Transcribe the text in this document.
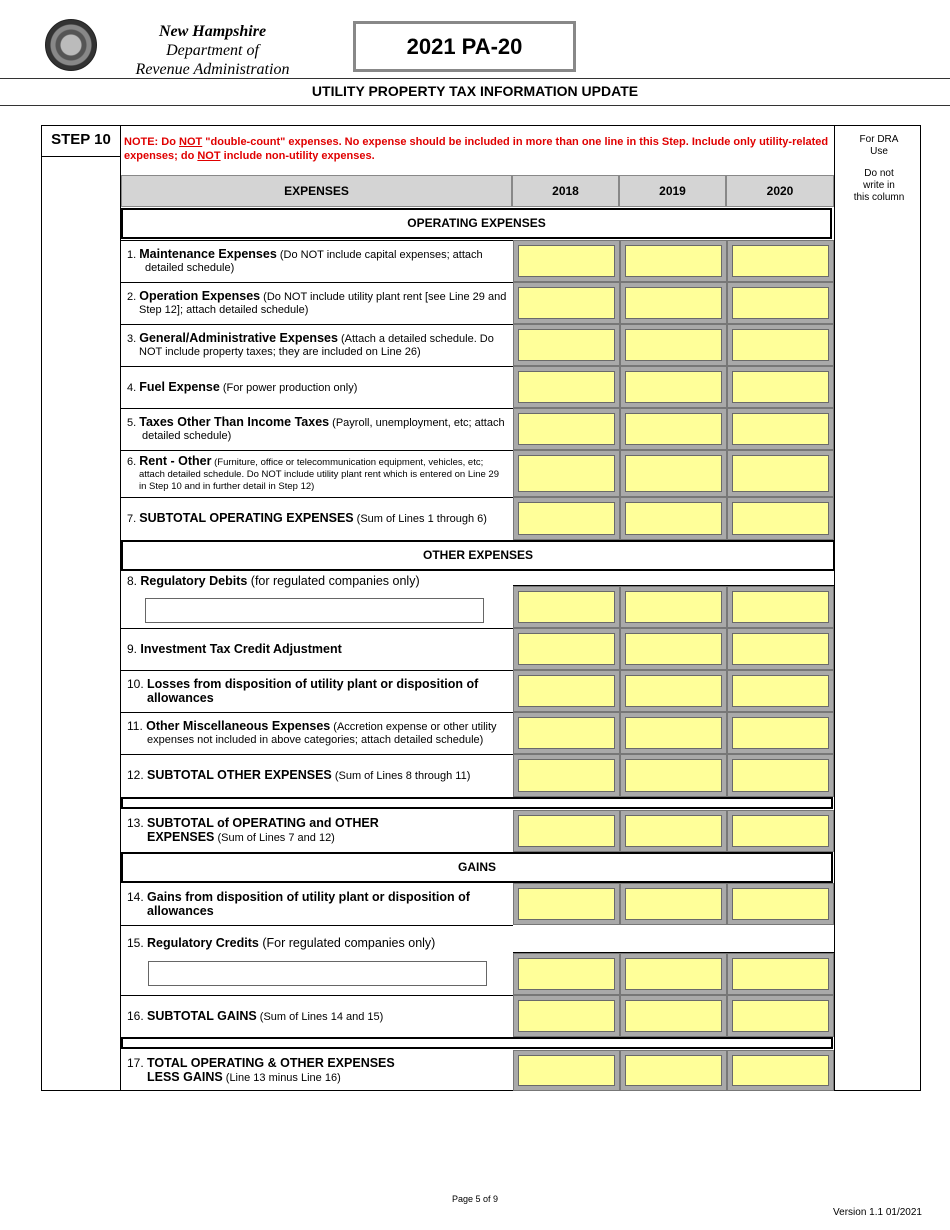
New Hampshire
Department of
Revenue Administration
2021 PA-20
UTILITY PROPERTY TAX INFORMATION UPDATE
STEP 10	NOTE: Do NOT "double-count" expenses. No expense should be included in more than one line in this Step. Include only utility-related expenses; do NOT include non-utility expenses.
For DRA
Use
Do not
write in
this column
EXPENSES	2018	2019	2020
OPERATING EXPENSES
1. Maintenance Expenses (Do NOT include capital expenses; attach
detailed schedule)
2. Operation Expenses (Do NOT include utility plant rent [see Line 29 and
Step 12]; attach detailed schedule)
3. General/Administrative Expenses (Attach a detailed schedule. Do
NOT include property taxes; they are included on Line 26)
4. Fuel Expense (For power production only)
5. Taxes Other Than Income Taxes (Payroll, unemployment, etc; attach
detailed schedule)
6. Rent - Other (Furniture, office or telecommunication equipment, vehicles, etc;
attach detailed schedule. Do NOT include utility plant rent which is entered on Line 29 in Step 10 and in further detail in Step 12)
7. SUBTOTAL OPERATING EXPENSES (Sum of Lines 1 through 6)
OTHER EXPENSES
8. Regulatory Debits (for regulated companies only)
9. Investment Tax Credit Adjustment
10. Losses from disposition of utility plant or disposition of
allowances
11. Other Miscellaneous Expenses (Accretion expense or other utility
expenses not included in above categories; attach detailed schedule)
12. SUBTOTAL OTHER EXPENSES (Sum of Lines 8 through 11)
13. SUBTOTAL of OPERATING and OTHER
EXPENSES (Sum of Lines 7 and 12)
GAINS
14. Gains from disposition of utility plant or disposition of
allowances
15. Regulatory Credits (For regulated companies only)
16. SUBTOTAL GAINS (Sum of Lines 14 and 15)
17. TOTAL OPERATING & OTHER EXPENSES
LESS GAINS (Line 13 minus Line 16)
Page 5 of 9
Version 1.1 01/2021
